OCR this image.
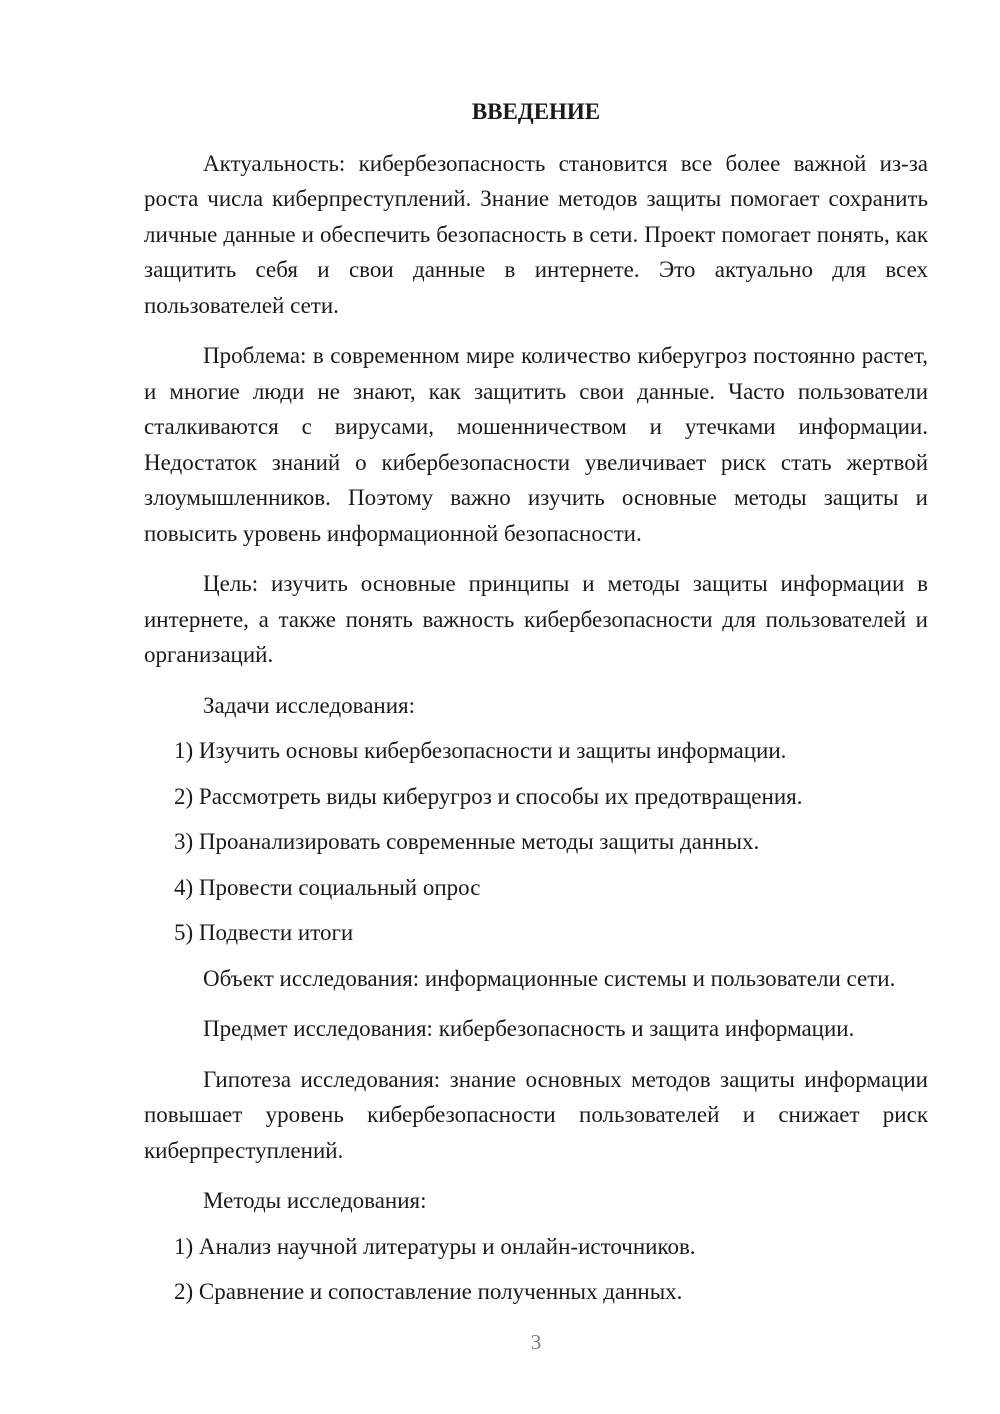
ВВЕДЕНИЕ

Актуальность: кибербезопасность становится все более важной из-за роста числа киберпреступлений. Знание методов защиты помогает сохранить личные данные и обеспечить безопасность в сети. Проект помогает понять, как защитить себя и свои данные в интернете. Это актуально для всех пользователей сети.

Проблема: в современном мире количество киберугроз постоянно растет, и многие люди не знают, как защитить свои данные. Часто пользователи сталкиваются с вирусами, мошенничеством и утечками информации. Недостаток знаний о кибербезопасности увеличивает риск стать жертвой злоумышленников. Поэтому важно изучить основные методы защиты и повысить уровень информационной безопасности.

Цель: изучить основные принципы и методы защиты информации в интернете, а также понять важность кибербезопасности для пользователей и организаций.

Задачи исследования:

1) Изучить основы кибербезопасности и защиты информации.
2) Рассмотреть виды киберугроз и способы их предотвращения.
3) Проанализировать современные методы защиты данных.
4) Провести социальный опрос
5) Подвести итоги

Объект исследования: информационные системы и пользователи сети.

Предмет исследования: кибербезопасность и защита информации.

Гипотеза исследования: знание основных методов защиты информации повышает уровень кибербезопасности пользователей и снижает риск киберпреступлений.

Методы исследования:

1) Анализ научной литературы и онлайн-источников.
2) Сравнение и сопоставление полученных данных.
3
